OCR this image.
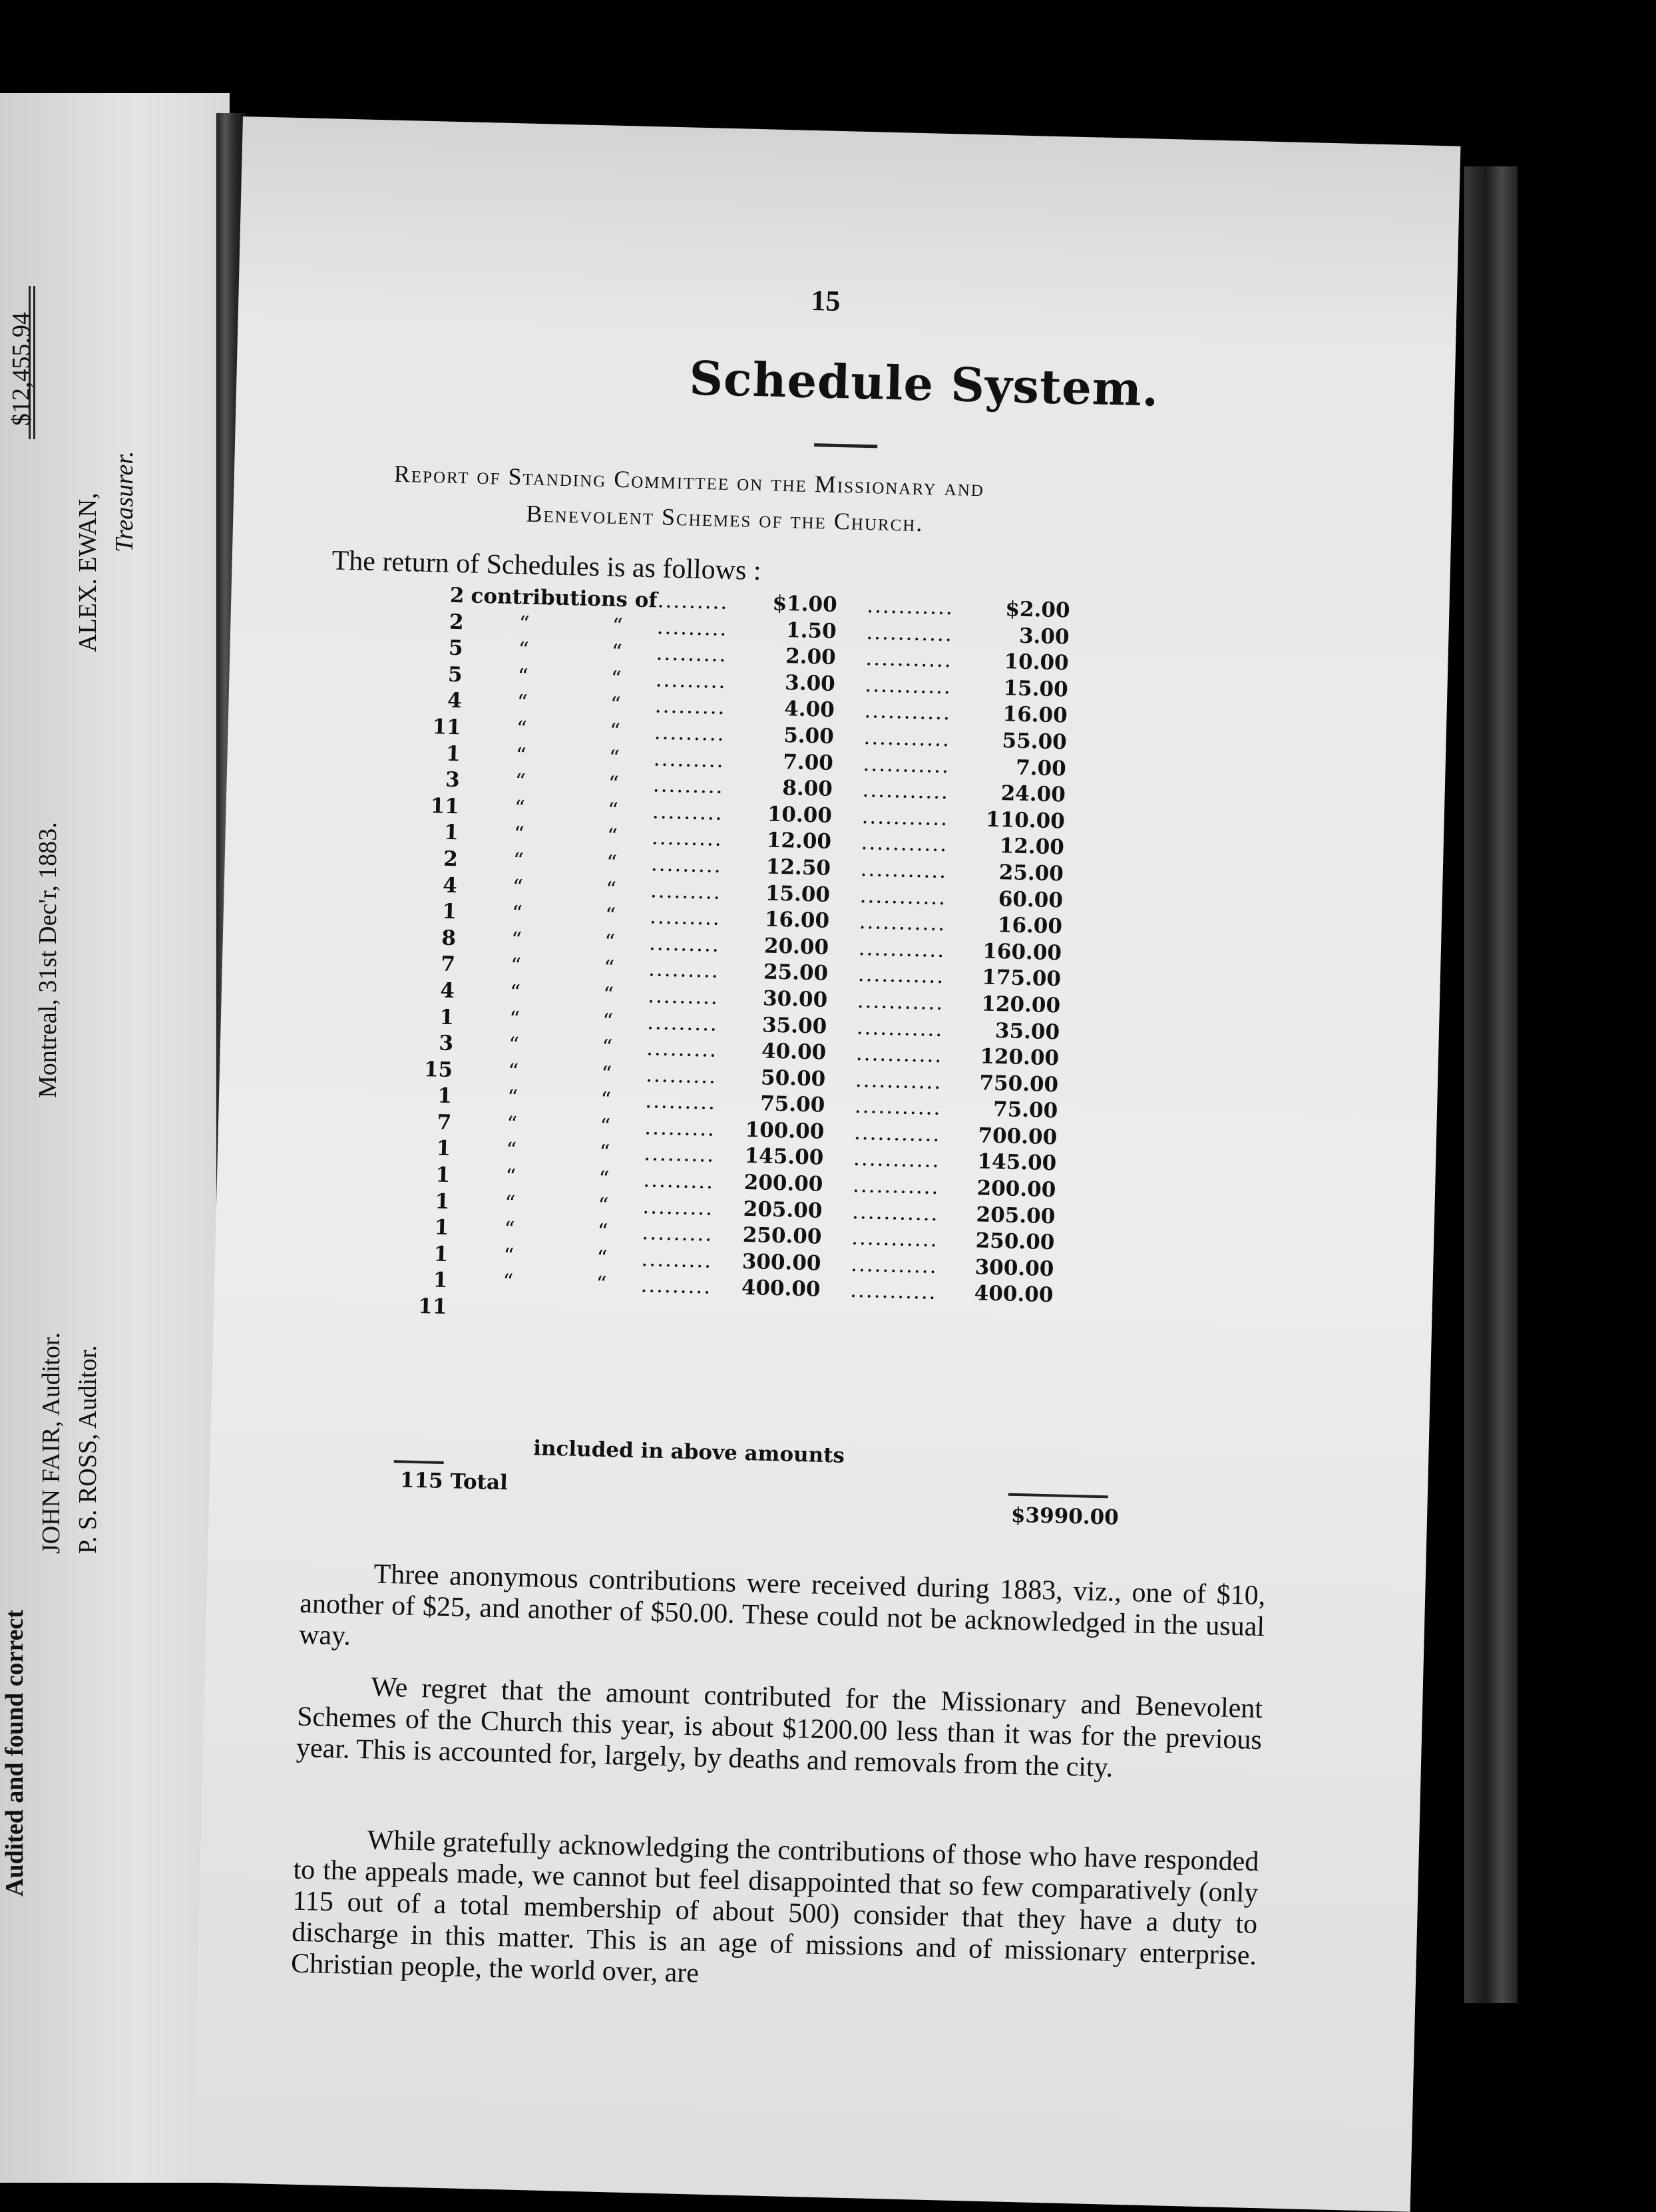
$12,455.94
ALEX. EWAN, Treasurer.
Montreal, 31st Dec'r, 1883.
JOHN FAIR, Auditor. P. S. ROSS, Auditor.
Audited and found correct
15
Schedule System.
Report of Standing Committee on the Missionary and
Benevolent Schemes of the Church.
The return of Schedules is as follows :
2	contributions of		.........	$1.00	...........	$2.00
2	“	“	.........	1.50	...........	3.00
5	“	“	.........	2.00	...........	10.00
5	“	“	.........	3.00	...........	15.00
4	“	“	.........	4.00	...........	16.00
11	“	“	.........	5.00	...........	55.00
1	“	“	.........	7.00	...........	7.00
3	“	“	.........	8.00	...........	24.00
11	“	“	.........	10.00	...........	110.00
1	“	“	.........	12.00	...........	12.00
2	“	“	.........	12.50	...........	25.00
4	“	“	.........	15.00	...........	60.00
1	“	“	.........	16.00	...........	16.00
8	“	“	.........	20.00	...........	160.00
7	“	“	.........	25.00	...........	175.00
4	“	“	.........	30.00	...........	120.00
1	“	“	.........	35.00	...........	35.00
3	“	“	.........	40.00	...........	120.00
15	“	“	.........	50.00	...........	750.00
1	“	“	.........	75.00	...........	75.00
7	“	“	.........	100.00	...........	700.00
1	“	“	.........	145.00	...........	145.00
1	“	“	.........	200.00	...........	200.00
1	“	“	.........	205.00	...........	205.00
1	“	“	.........	250.00	...........	250.00
1	“	“	.........	300.00	...........	300.00
1	“	“	.........	400.00	...........	400.00
11						
included in above amounts
115 Total
$3990.00

Three anonymous contributions were received during 1883, viz., one of $10, another of $25, and another of $50.00. These could not be acknowledged in the usual way.

We regret that the amount contributed for the Missionary and Benevolent Schemes of the Church this year, is about $1200.00 less than it was for the previous year. This is accounted for, largely, by deaths and removals from the city.

While gratefully acknowledging the contributions of those who have responded to the appeals made, we cannot but feel disappointed that so few comparatively (only 115 out of a total membership of about 500) consider that they have a duty to discharge in this matter. This is an age of missions and of missionary enterprise. Christian people, the world over, are
